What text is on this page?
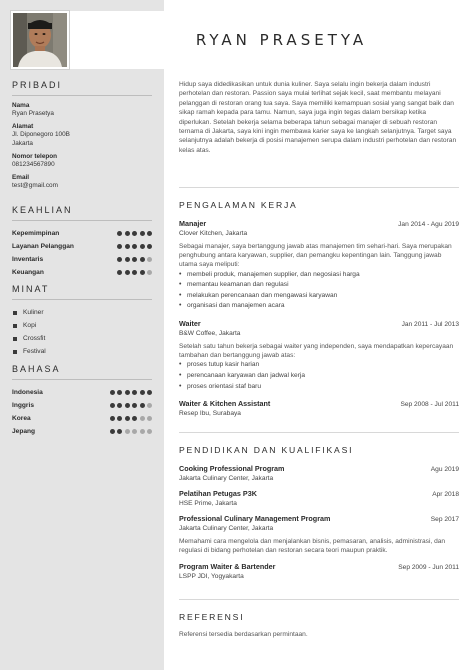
PRIBADI
Nama
Ryan Prasetya
Alamat
Jl. Diponegoro 100B
Jakarta
Nomor telepon
081234567890
Email
test@gmail.com
KEAHLIAN
Kepemimpinan
Layanan Pelanggan
Inventaris
Keuangan
MINAT
Kuliner
Kopi
Crossfit
Festival
BAHASA
Indonesia
Inggris
Korea
Jepang
Hidup saya didedikasikan untuk dunia kuliner. Saya selalu ingin bekerja dalam industri perhotelan dan restoran. Passion saya mulai terlihat sejak kecil, saat membantu melayani pelanggan di restoran orang tua saya. Saya memiliki kemampuan sosial yang sangat baik dan sikap ramah kepada para tamu. Namun, saya juga ingin tegas dalam bersikap ketika diperlukan. Setelah bekerja selama beberapa tahun sebagai manajer di sebuah restoran ternama di Jakarta, saya kini ingin membawa karier saya ke langkah selanjutnya. Target saya selanjutnya adalah bekerja di posisi manajemen serupa dalam industri perhotelan dan restoran kelas atas.
PENGALAMAN KERJA
Manajer	Jan 2014 - Agu 2019
Clover Kitchen, Jakarta
Sebagai manajer, saya bertanggung jawab atas manajemen tim sehari-hari. Saya merupakan penghubung antara karyawan, supplier, dan pemangku kepentingan lain. Tanggung jawab utama saya meliputi:
• membeli produk, manajemen supplier, dan negosiasi harga
• memantau keamanan dan regulasi
• melakukan perencanaan dan mengawasi karyawan
• organisasi dan manajemen acara
Waiter	Jan 2011 - Jul 2013
B&W Coffee, Jakarta
Setelah satu tahun bekerja sebagai waiter yang independen, saya mendapatkan kepercayaan tambahan dan bertanggung jawab atas:
• proses tutup kasir harian
• perencanaan karyawan dan jadwal kerja
• proses orientasi staf baru
Waiter & Kitchen Assistant	Sep 2008 - Jul 2011
Resep Ibu, Surabaya
PENDIDIKAN DAN KUALIFIKASI
Cooking Professional Program	Agu 2019
Jakarta Culinary Center, Jakarta
Pelatihan Petugas P3K	Apr 2018
HSE Prime, Jakarta
Professional Culinary Management Program	Sep 2017
Jakarta Culinary Center, Jakarta
Memahami cara mengelola dan menjalankan bisnis, pemasaran, analisis, administrasi, dan regulasi di bidang perhotelan dan restoran secara teori maupun praktik.
Program Waiter & Bartender	Sep 2009 - Jun 2011
LSPP JDI, Yogyakarta
REFERENSI
Referensi tersedia berdasarkan permintaan.
RYAN PRASETYA
